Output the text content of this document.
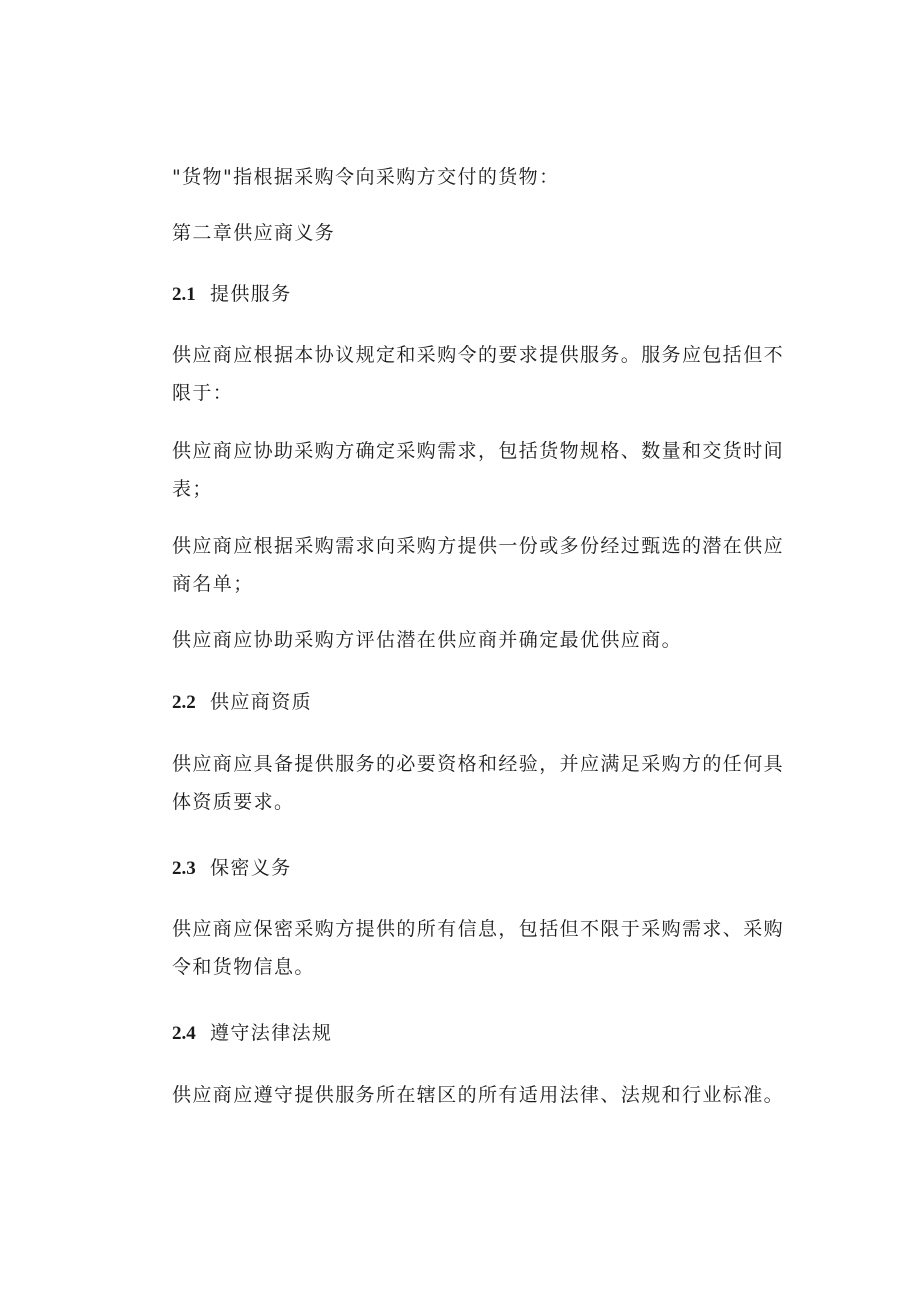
"货物"指根据采购令向采购方交付的货物：

第二章供应商义务

2.1 提供服务

供应商应根据本协议规定和采购令的要求提供服务。服务应包括但不限于：

供应商应协助采购方确定采购需求，包括货物规格、数量和交货时间表；

供应商应根据采购需求向采购方提供一份或多份经过甄选的潜在供应商名单；

供应商应协助采购方评估潜在供应商并确定最优供应商。

2.2 供应商资质

供应商应具备提供服务的必要资格和经验，并应满足采购方的任何具体资质要求。

2.3 保密义务

供应商应保密采购方提供的所有信息，包括但不限于采购需求、采购令和货物信息。

2.4 遵守法律法规

供应商应遵守提供服务所在辖区的所有适用法律、法规和行业标准。
